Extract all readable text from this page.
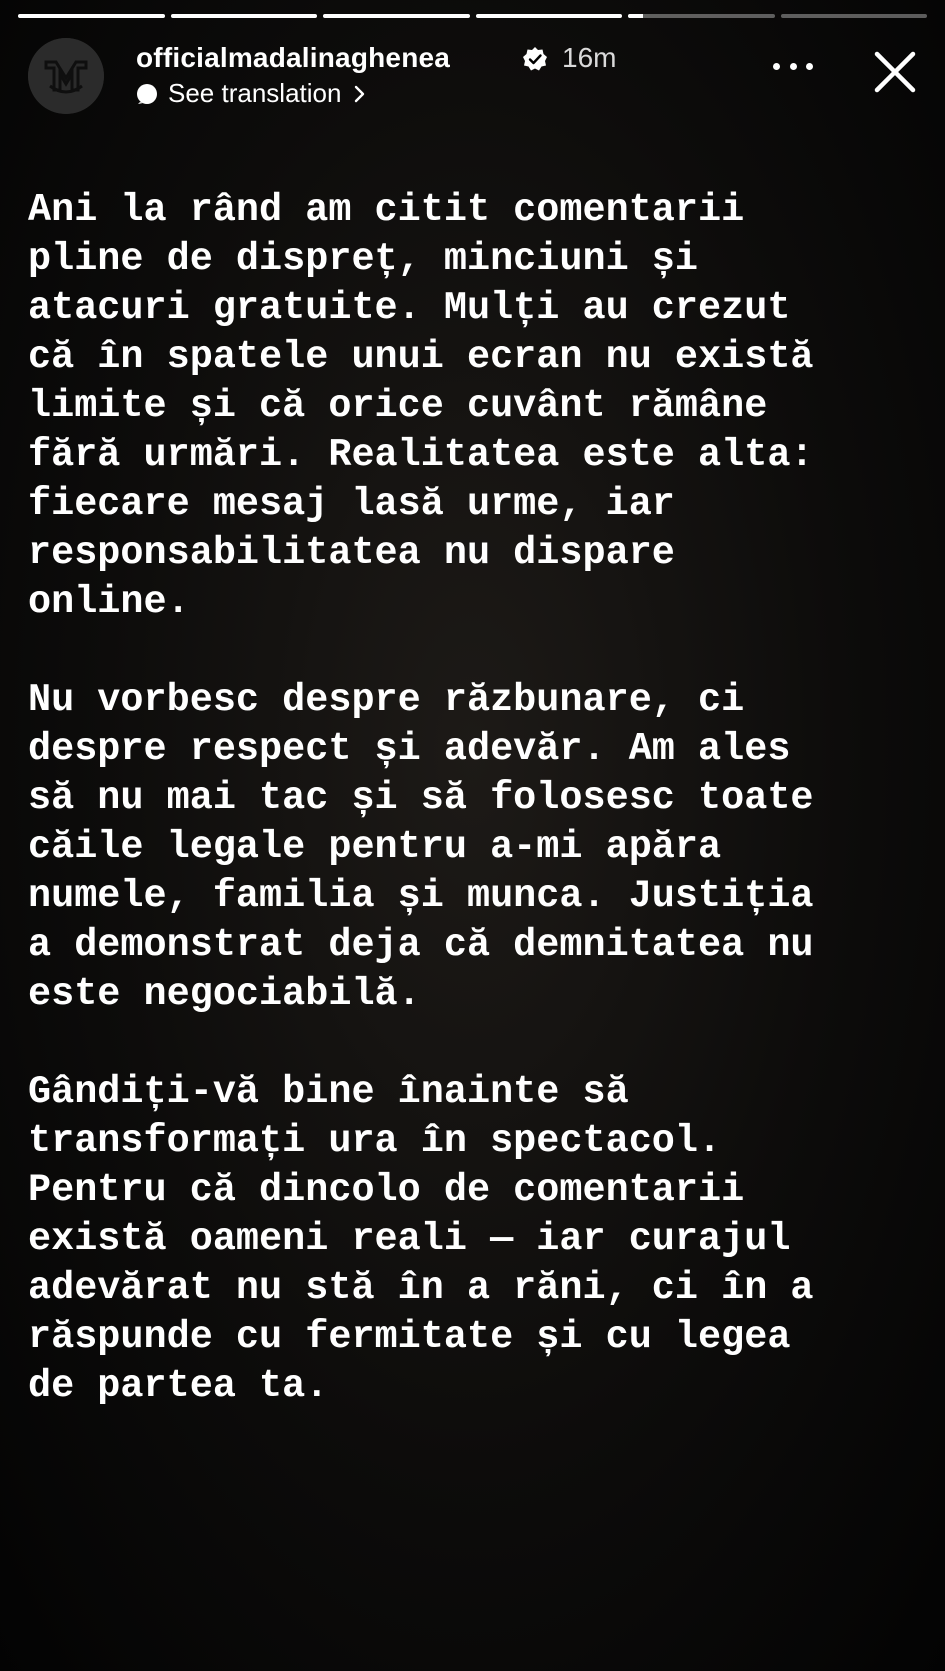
officialmadalinaghenea	16m
See translation

Ani la rând am citit comentarii
pline de dispreț, minciuni și
atacuri gratuite. Mulți au crezut
că în spatele unui ecran nu există
limite și că orice cuvânt rămâne
fără urmări. Realitatea este alta:
fiecare mesaj lasă urme, iar
responsabilitatea nu dispare
online.

Nu vorbesc despre răzbunare, ci
despre respect și adevăr. Am ales
să nu mai tac și să folosesc toate
căile legale pentru a-mi apăra
numele, familia și munca. Justiția
a demonstrat deja că demnitatea nu
este negociabilă.

Gândiți-vă bine înainte să
transformați ura în spectacol.
Pentru că dincolo de comentarii
există oameni reali — iar curajul
adevărat nu stă în a răni, ci în a
răspunde cu fermitate și cu legea
de partea ta.
